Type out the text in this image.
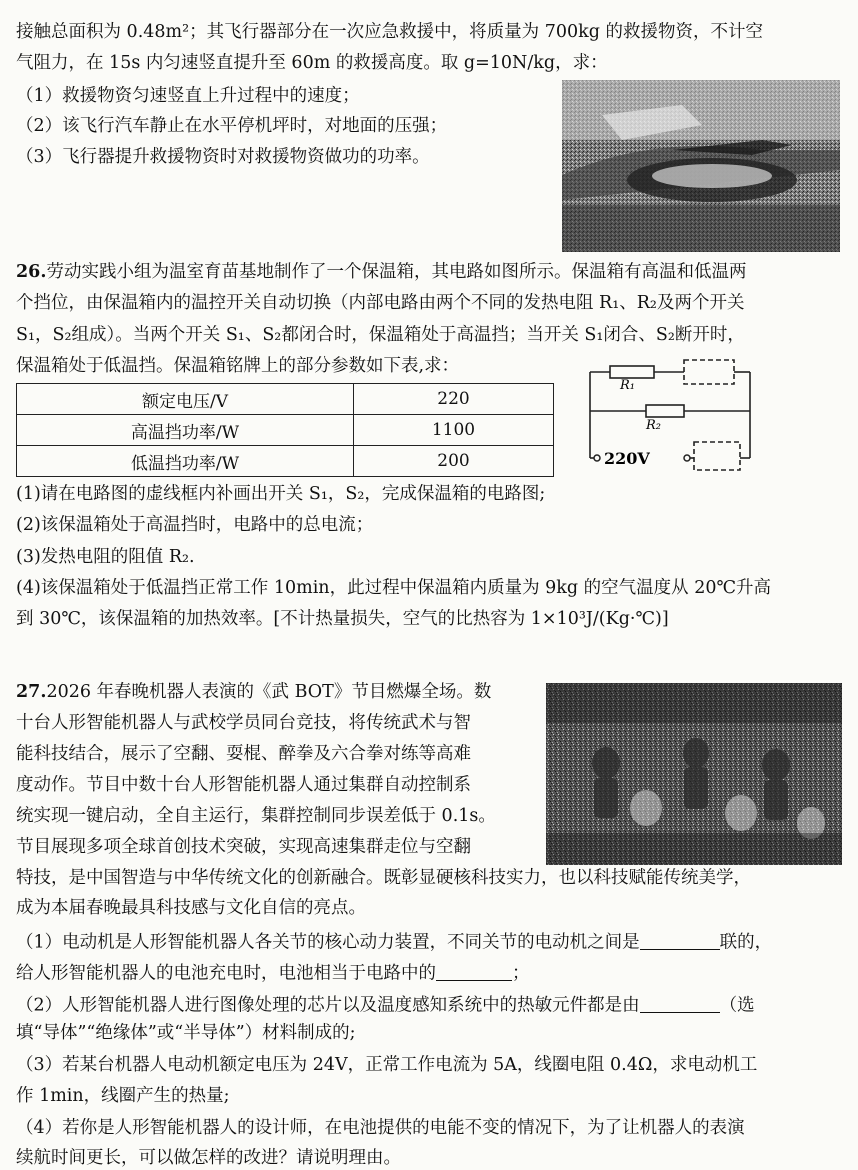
接触总面积为 0.48m²；其飞行器部分在一次应急救援中，将质量为 700kg 的救援物资，不计空
气阻力，在 15s 内匀速竖直提升至 60m 的救援高度。取 g=10N/kg，求：
（1）救援物资匀速竖直上升过程中的速度；
（2）该飞行汽车静止在水平停机坪时，对地面的压强；
（3）飞行器提升救援物资时对救援物资做功的功率。
26.劳动实践小组为温室育苗基地制作了一个保温箱，其电路如图所示。保温箱有高温和低温两
个挡位，由保温箱内的温控开关自动切换（内部电路由两个不同的发热电阻 R₁、R₂及两个开关
S₁，S₂组成）。当两个开关 S₁、S₂都闭合时，保温箱处于高温挡；当开关 S₁闭合、S₂断开时，
保温箱处于低温挡。保温箱铭牌上的部分参数如下表,求：
额定电压/V	220
高温挡功率/W	1100
低温挡功率/W	200
R₁
R₂
220V
(1)请在电路图的虚线框内补画出开关 S₁，S₂，完成保温箱的电路图;
(2)该保温箱处于高温挡时，电路中的总电流；
(3)发热电阻的阻值 R₂.
(4)该保温箱处于低温挡正常工作 10min，此过程中保温箱内质量为 9kg 的空气温度从 20℃升高
到 30℃，该保温箱的加热效率。[不计热量损失，空气的比热容为 1×10³J/(Kg·℃)]
27.2026 年春晚机器人表演的《武 BOT》节目燃爆全场。数
十台人形智能机器人与武校学员同台竞技，将传统武术与智
能科技结合，展示了空翻、耍棍、醉拳及六合拳对练等高难
度动作。节目中数十台人形智能机器人通过集群自动控制系
统实现一键启动，全自主运行，集群控制同步误差低于 0.1s。
节目展现多项全球首创技术突破，实现高速集群走位与空翻
特技，是中国智造与中华传统文化的创新融合。既彰显硬核科技实力，也以科技赋能传统美学，
成为本届春晚最具科技感与文化自信的亮点。
（1）电动机是人形智能机器人各关节的核心动力装置，不同关节的电动机之间是	联的，
给人形智能机器人的电池充电时，电池相当于电路中的	；
（2）人形智能机器人进行图像处理的芯片以及温度感知系统中的热敏元件都是由	（选
填“导体”“绝缘体”或“半导体”）材料制成的;
（3）若某台机器人电动机额定电压为 24V，正常工作电流为 5A，线圈电阻 0.4Ω，求电动机工
作 1min，线圈产生的热量;
（4）若你是人形智能机器人的设计师，在电池提供的电能不变的情况下，为了让机器人的表演
续航时间更长，可以做怎样的改进？请说明理由。
